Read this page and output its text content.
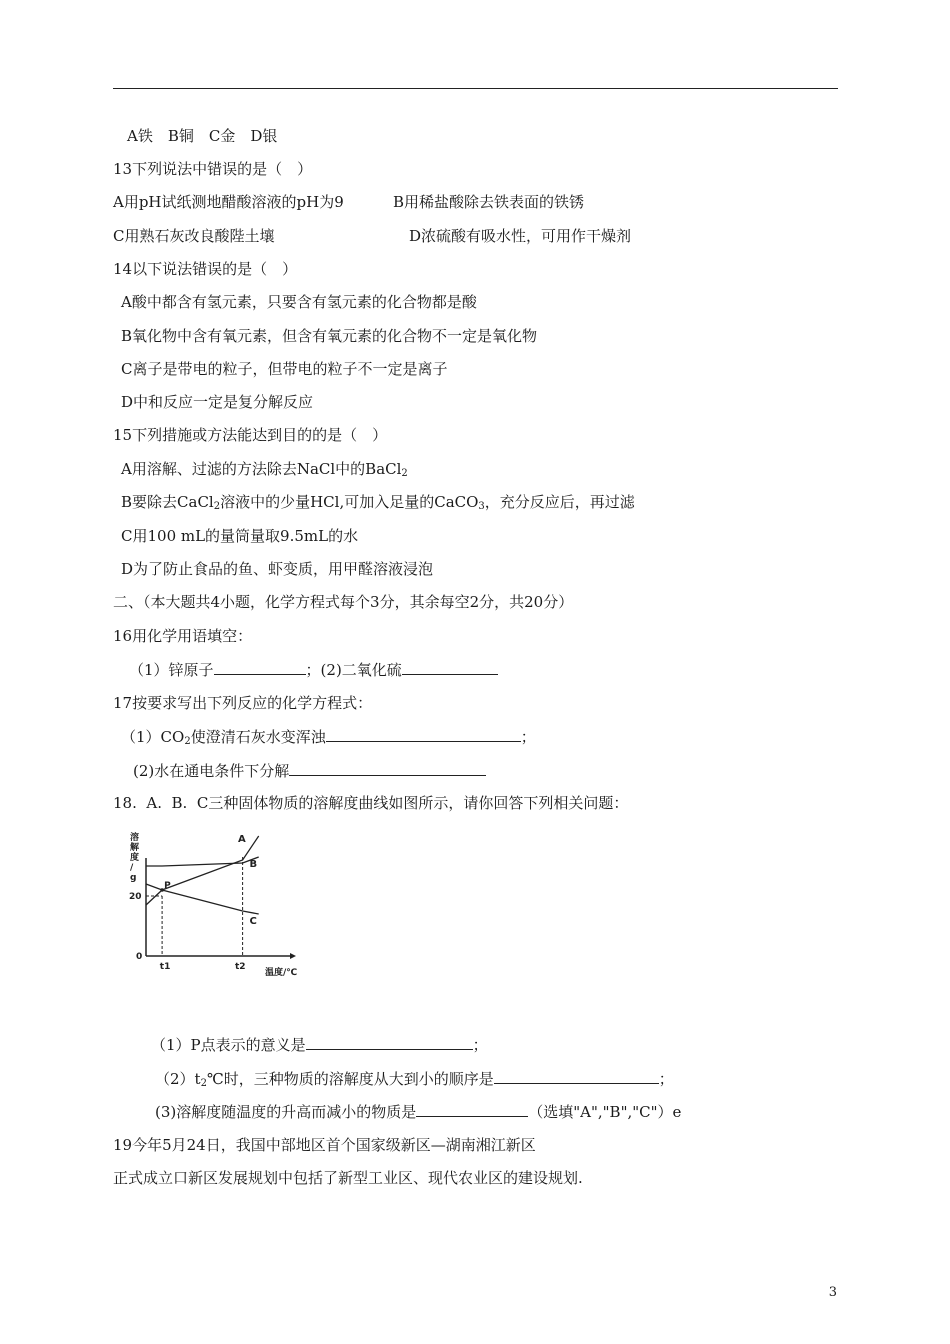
A铁　B铜　C金　D银
13下列说法中错误的是（　）
A用pH试纸测地醋酸溶液的pH为9	B用稀盐酸除去铁表面的铁锈
C用熟石灰改良酸陛土壤	D浓硫酸有吸水性，可用作干燥剂
14以下说法错误的是（　）
A酸中都含有氢元素，只要含有氢元素的化合物都是酸
B氧化物中含有氧元素，但含有氧元素的化合物不一定是氧化物
C离子是带电的粒子，但带电的粒子不一定是离子
D中和反应一定是复分解反应
15下列措施或方法能达到目的的是（　）
A用溶解、过滤的方法除去NaCl中的BaCl$_2$
B要除去CaCl$_2$溶液中的少量HCl,可加入足量的CaCO$_3$，充分反应后，再过滤
C用100 mL的量筒量取9.5mL的水
D为了防止食品的鱼、虾变质，用甲醛溶液浸泡
二、（本大题共4小题，化学方程式每个3分，其余每空2分，共20分）
16用化学用语填空：
（1）锌原子	；(2)二氧化硫
17按要求写出下列反应的化学方程式：
$(1)CO_2$使澄清石灰水变浑浊	；
(2)水在通电条件下分解
18.  A.  B.  C三种固体物质的溶解度曲线如图所示，请你回答下列相关问题：
溶解度/ g
温度/℃
0
20
t1	t2
A
B
C
P
（1）P点表示的意义是	；
$(2)t_2℃$时，三种物质的溶解度从大到小的顺序是	；
(3)溶解度随温度的升高而减小的物质是	（选填"A","B","C"）e
19今年5月24日，我国中部地区首个国家级新区—湖南湘江新区
正式成立口新区发展规划中包括了新型工业区、现代农业区的建设规划.
3
